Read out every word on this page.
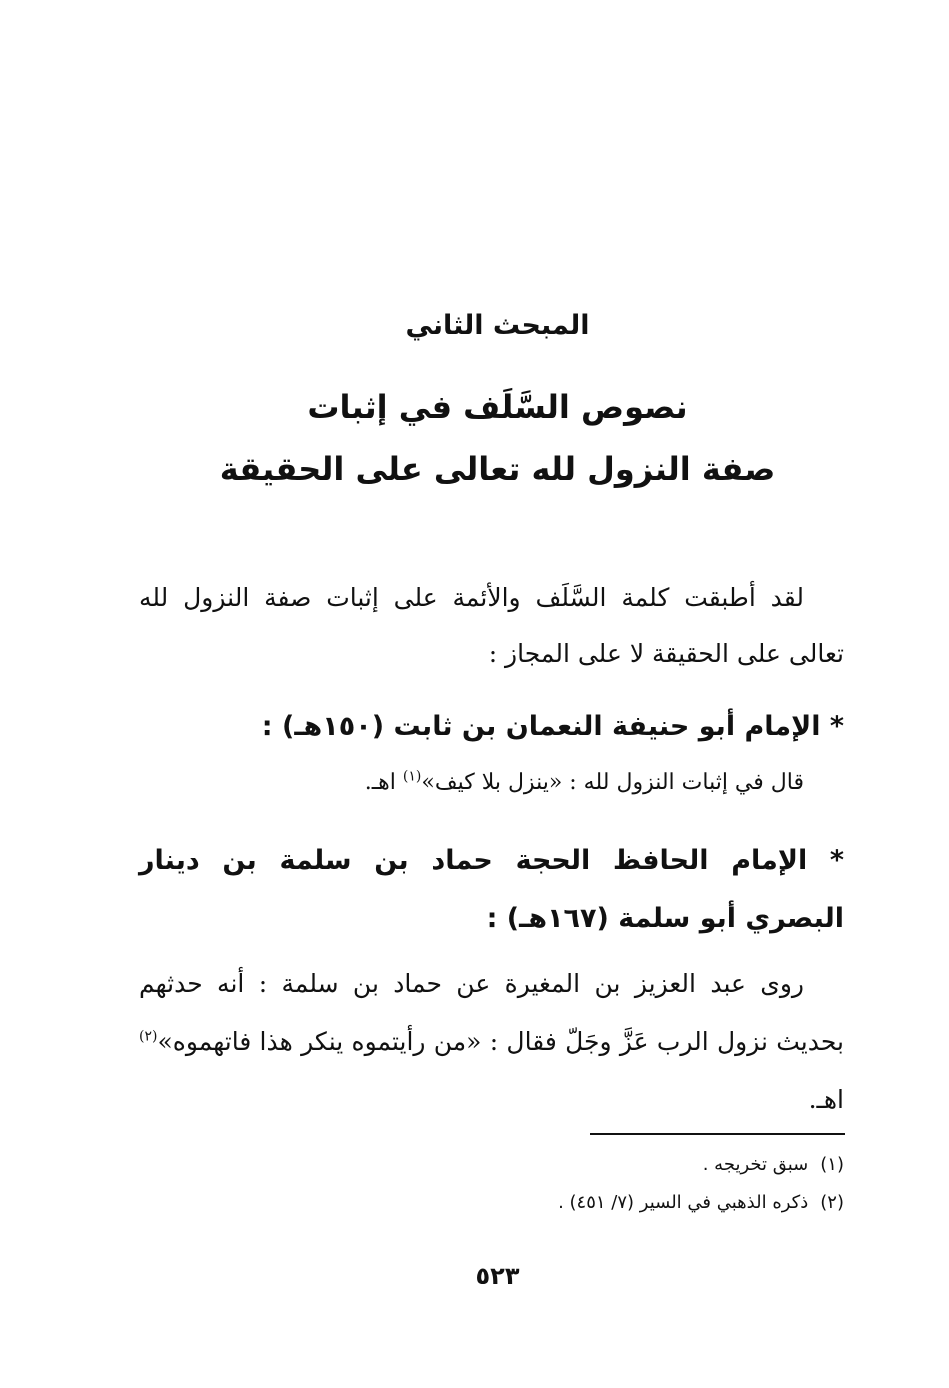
المبحث الثاني
نصوص السَّلَف في إثبات
صفة النزول لله تعالى على الحقيقة

لقد أطبقت كلمة السَّلَف والأئمة على إثبات صفة النزول لله تعالى على الحقيقة لا على المجاز :

* الإمام أبو حنيفة النعمان بن ثابت (١٥٠هـ) :

قال في إثبات النزول لله : «ينزل بلا كيف»$^{(١)}$ اهـ.

* الإمام الحافظ الحجة حماد بن سلمة بن دينار البصري أبو سلمة (١٦٧هـ) :

روى عبد العزيز بن المغيرة عن حماد بن سلمة : أنه حدثهم بحديث نزول الرب عَزَّ وجَلّ فقال : «من رأيتموه ينكر هذا فاتهموه»$^{(٢)}$ اهـ.

(١)سبق تخريجه .
(٢)ذكره الذهبي في السير (٧/ ٤٥١) .
٥٢٣
